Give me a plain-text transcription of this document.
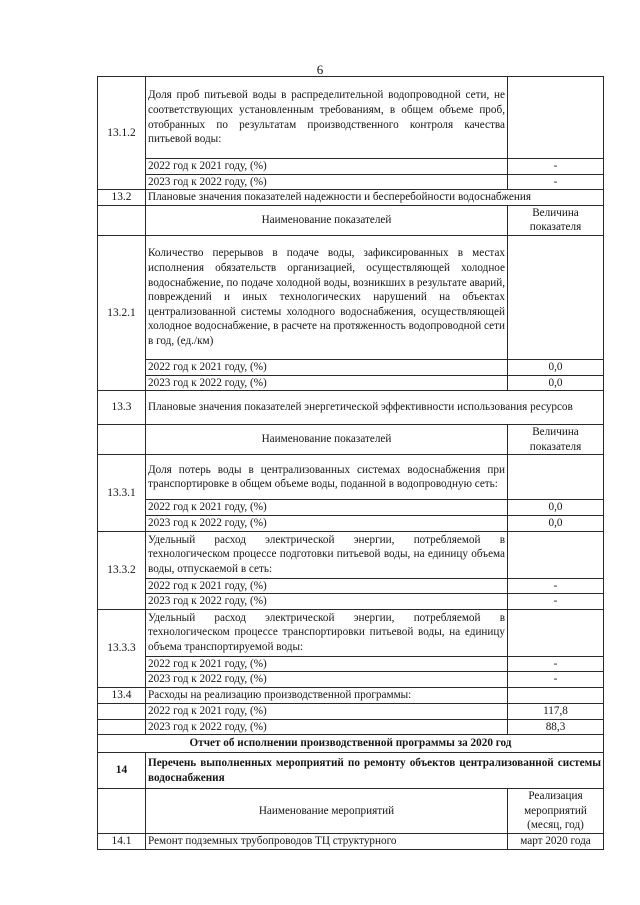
6
13.1.2	Доля проб питьевой воды в распределительной водопроводной сети, не соответствующих установленным требованиям, в общем объеме проб, отобранных по результатам производственного контроля качества питьевой воды:	
	2022 год к 2021 году, (%)	-
	2023 год к 2022 году, (%)	-
13.2	Плановые значения показателей надежности и бесперебойности водоснабжения	
	Наименование показателей	Величина показателя
13.2.1	Количество перерывов в подаче воды, зафиксированных в местах исполнения обязательств организацией, осуществляющей холодное водоснабжение, по подаче холодной воды, возникших в результате аварий, повреждений и иных технологических нарушений на объектах централизованной системы холодного водоснабжения, осуществляющей холодное водоснабжение, в расчете на протяженность водопроводной сети в год, (ед./км)	
	2022 год к 2021 году, (%)	0,0
	2023 год к 2022 году, (%)	0,0
13.3	Плановые значения показателей энергетической эффективности использования ресурсов	
	Наименование показателей	Величина показателя
13.3.1	Доля потерь воды в централизованных системах водоснабжения при транспортировке в общем объеме воды, поданной в водопроводную сеть:	
	2022 год к 2021 году, (%)	0,0
	2023 год к 2022 году, (%)	0,0
13.3.2	Удельный расход электрической энергии, потребляемой в технологическом процессе подготовки питьевой воды, на единицу объема воды, отпускаемой в сеть:	
	2022 год к 2021 году, (%)	-
	2023 год к 2022 году, (%)	-
13.3.3	Удельный расход электрической энергии, потребляемой в технологическом процессе транспортировки питьевой воды, на единицу объема транспортируемой воды:	
	2022 год к 2021 году, (%)	-
	2023 год к 2022 году, (%)	-
13.4	Расходы на реализацию производственной программы:	
	2022 год к 2021 году, (%)	117,8
	2023 год к 2022 году, (%)	88,3
Отчет об исполнении производственной программы за 2020 год		
14	Перечень выполненных мероприятий по ремонту объектов централизованной системы водоснабжения	
	Наименование мероприятий	Реализация мероприятий (месяц, год)
14.1	Ремонт подземных трубопроводов ТЦ структурного	март 2020 года
